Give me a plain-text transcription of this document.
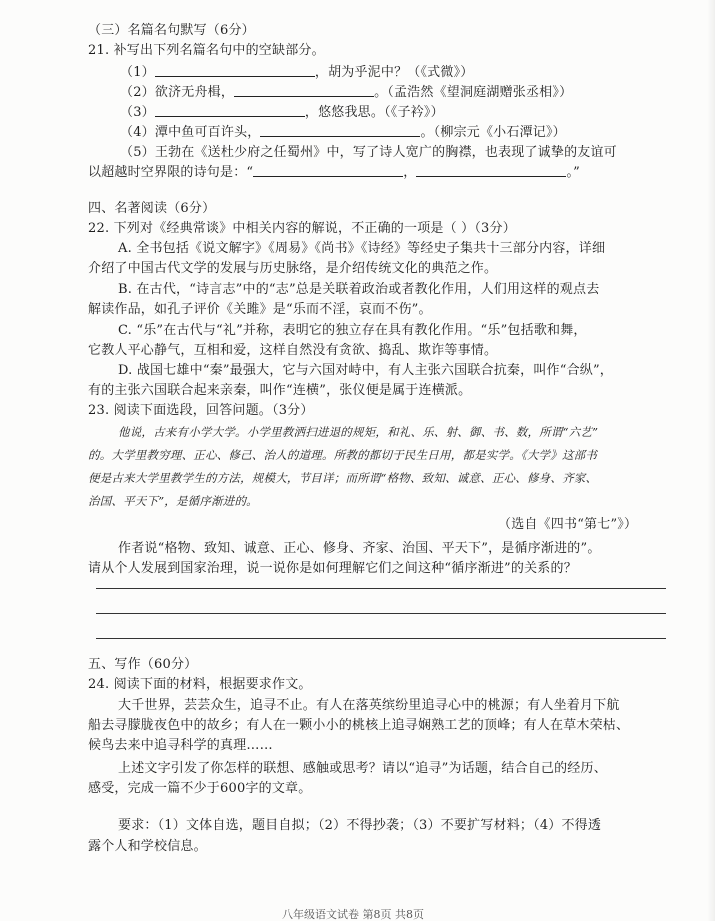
（三）名篇名句默写（6分）
21. 补写出下列名篇名句中的空缺部分。
（1）	，胡为乎泥中？（《式微》）
（2）欲济无舟楫，	。（孟浩然《望洞庭湖赠张丞相》）
（3）	，悠悠我思。（《子衿》）
（4）潭中鱼可百许头，	。（柳宗元《小石潭记》）
（5）王勃在《送杜少府之任蜀州》中，写了诗人宽广的胸襟，也表现了诚挚的友谊可
以超越时空界限的诗句是：“	，	。”
四、名著阅读（6分）
22. 下列对《经典常谈》中相关内容的解说，不正确的一项是（ ）（3分）
A. 全书包括《说文解字》《周易》《尚书》《诗经》等经史子集共十三部分内容，详细
介绍了中国古代文学的发展与历史脉络，是介绍传统文化的典范之作。
B. 在古代，“诗言志”中的“志”总是关联着政治或者教化作用，人们用这样的观点去
解读作品，如孔子评价《关雎》是“乐而不淫，哀而不伤”。
C. “乐”在古代与“礼”并称，表明它的独立存在具有教化作用。“乐”包括歌和舞，
它教人平心静气，互相和爱，这样自然没有贪欲、捣乱、欺诈等事情。
D. 战国七雄中“秦”最强大，它与六国对峙中，有人主张六国联合抗秦，叫作“合纵”，
有的主张六国联合起来亲秦，叫作“连横”，张仪便是属于连横派。
23. 阅读下面选段，回答问题。（3分）
他说，古来有小学大学。小学里教洒扫进退的规矩，和礼、乐、射、御、书、数，所谓“六艺”
的。大学里教穷理、正心、修己、治人的道理。所教的都切于民生日用，都是实学。《大学》这部书
便是古来大学里教学生的方法，规模大，节目详；而所谓“格物、致知、诚意、正心、修身、齐家、
治国、平天下”，是循序渐进的。
（选自《四书“第七”》）
作者说“格物、致知、诚意、正心、修身、齐家、治国、平天下”，是循序渐进的”。
请从个人发展到国家治理，说一说你是如何理解它们之间这种“循序渐进”的关系的？
五、写作（60分）
24. 阅读下面的材料，根据要求作文。
大千世界，芸芸众生，追寻不止。有人在落英缤纷里追寻心中的桃源；有人坐着月下航
船去寻朦胧夜色中的故乡；有人在一颗小小的桃核上追寻娴熟工艺的顶峰；有人在草木荣枯、
候鸟去来中追寻科学的真理……
上述文字引发了你怎样的联想、感触或思考？请以“追寻”为话题，结合自己的经历、
感受，完成一篇不少于600字的文章。
要求：（1）文体自选，题目自拟；（2）不得抄袭；（3）不要扩写材料；（4）不得透
露个人和学校信息。
八年级语文试卷 第8页 共8页
